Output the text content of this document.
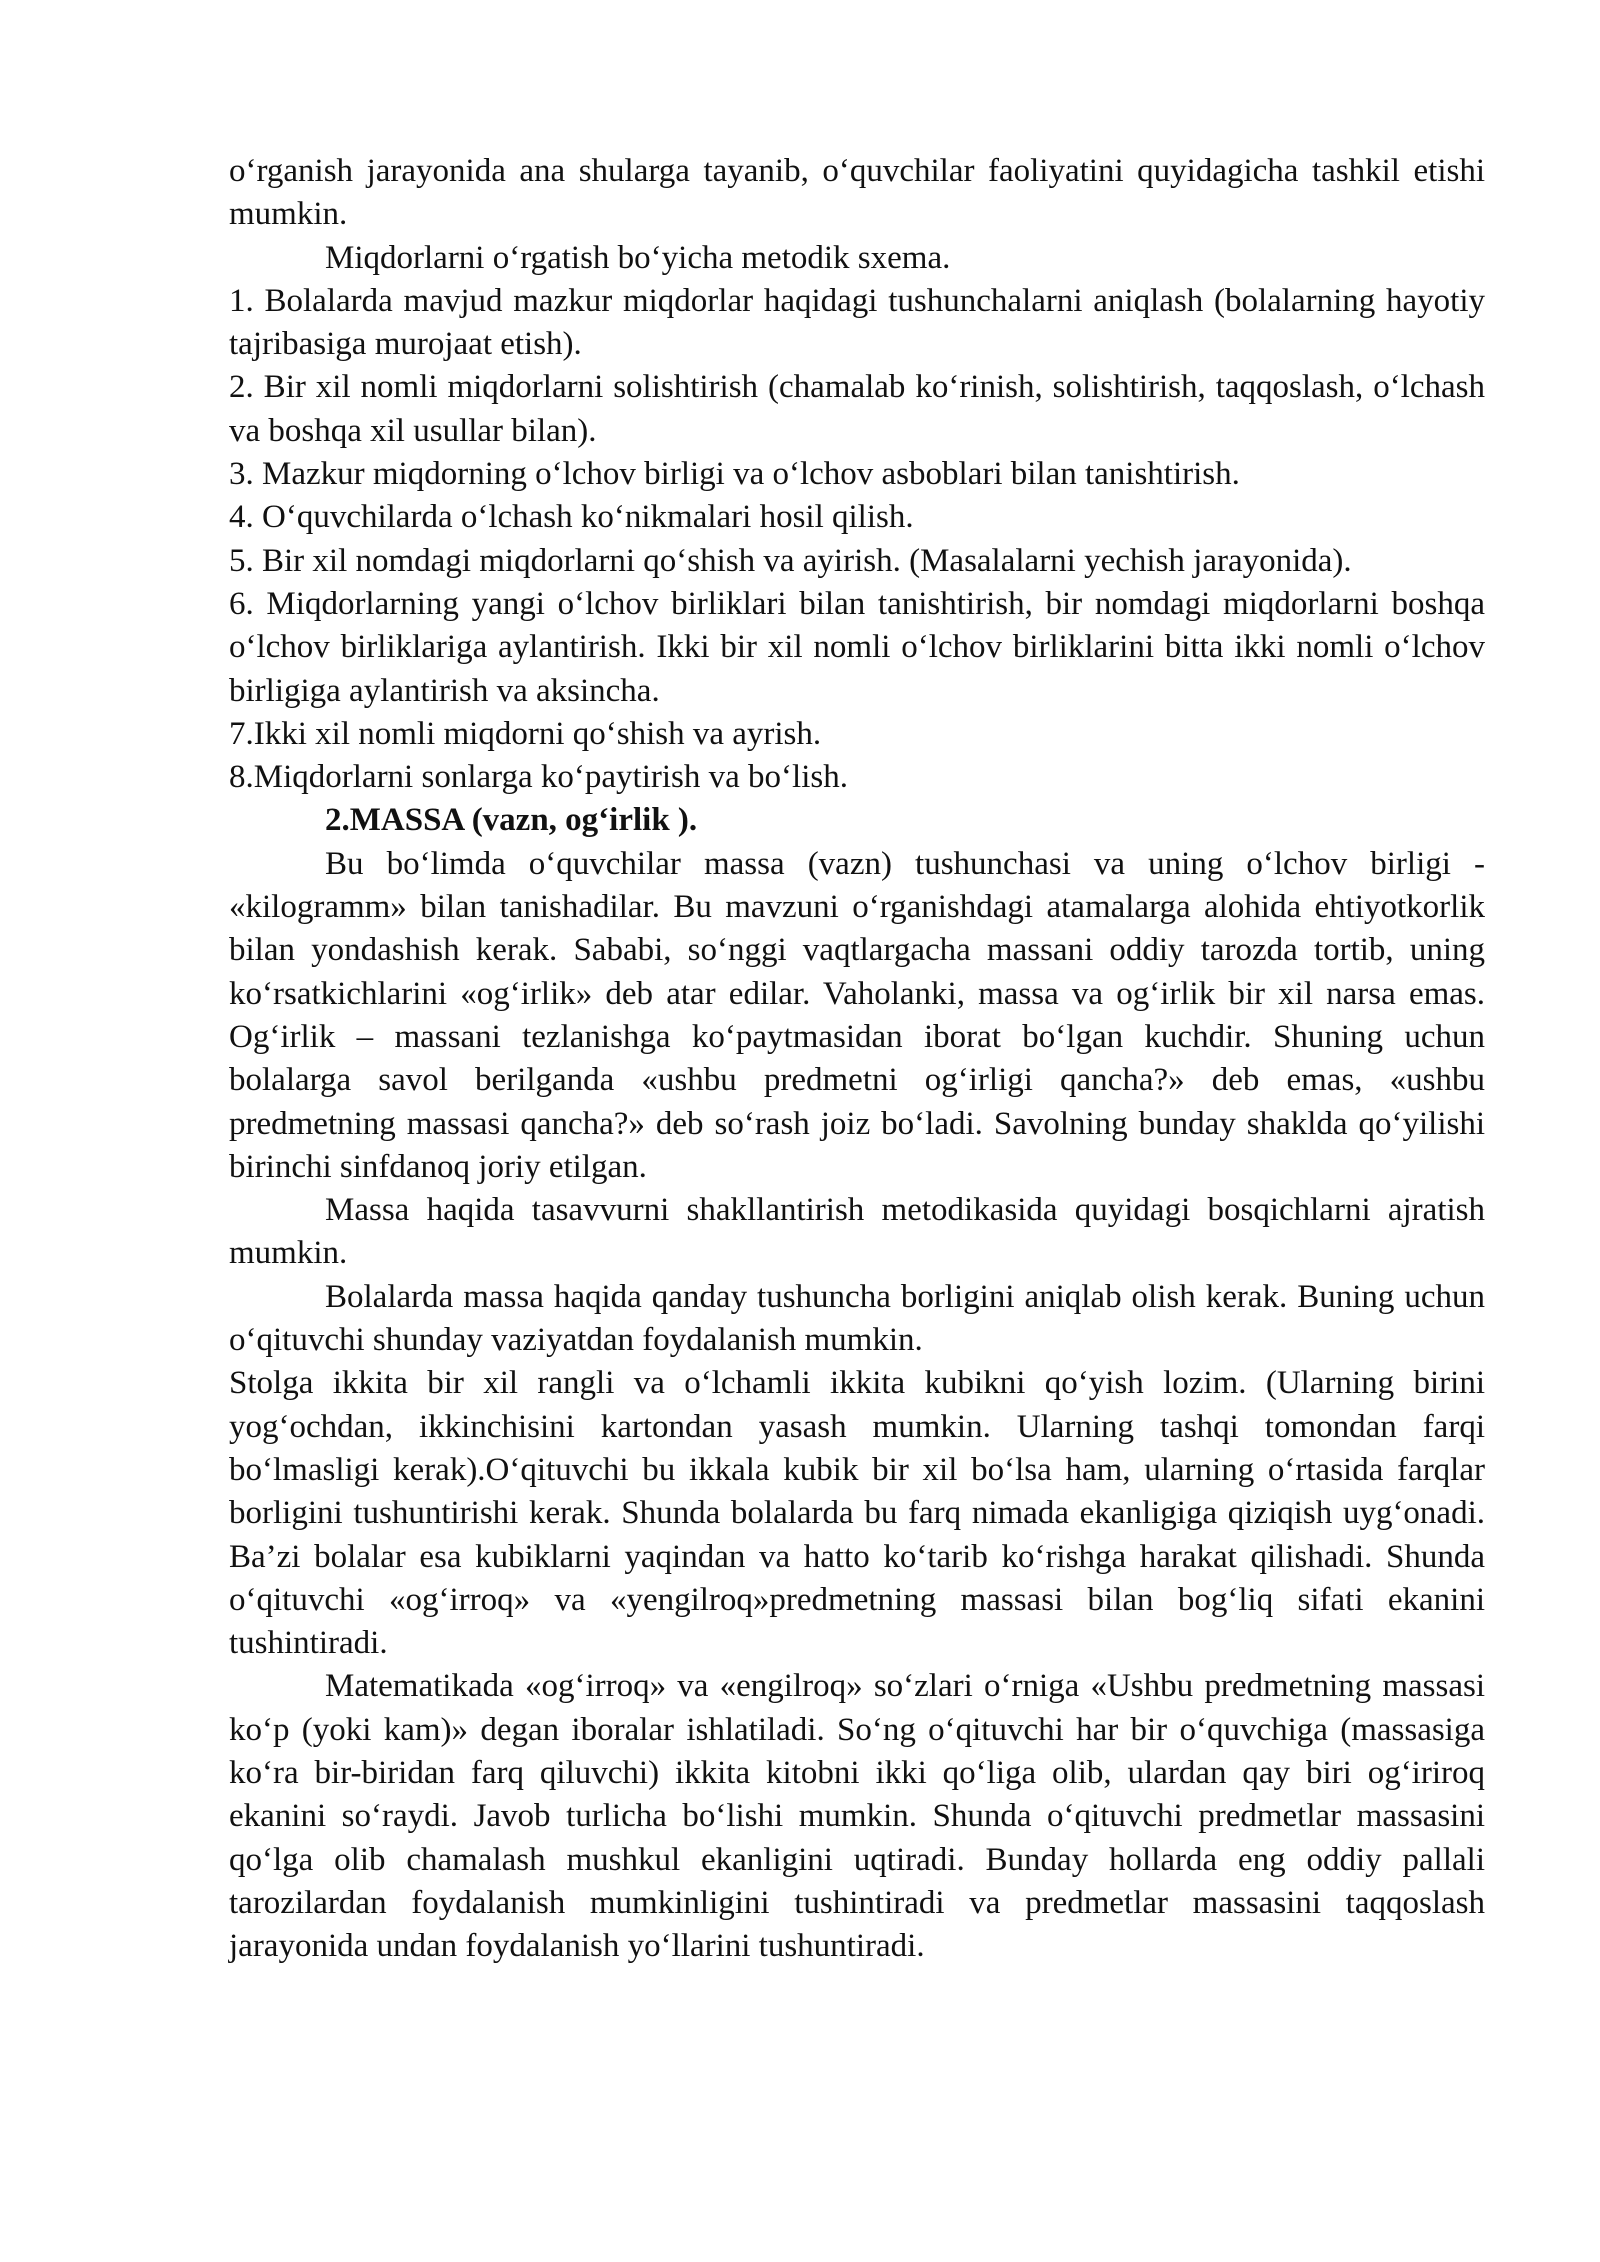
o‘rganish jarayonida ana shularga tayanib, o‘quvchilar faoliyatini quyidagicha tashkil etishi mumkin.

Miqdorlarni o‘rgatish bo‘yicha metodik sxema.

1. Bolalarda mavjud mazkur miqdorlar haqidagi tushunchalarni aniqlash (bolalarning hayotiy tajribasiga murojaat etish).

2. Bir xil nomli miqdorlarni solishtirish (chamalab ko‘rinish, solishtirish, taqqoslash, o‘lchash va boshqa xil usullar bilan).

3. Mazkur miqdorning o‘lchov birligi va o‘lchov asboblari bilan tanishtirish.

4. O‘quvchilarda o‘lchash ko‘nikmalari hosil qilish.

5. Bir xil nomdagi miqdorlarni qo‘shish va ayirish. (Masalalarni yechish jarayonida).

6. Miqdorlarning yangi o‘lchov birliklari bilan tanishtirish, bir nomdagi miqdorlarni boshqa o‘lchov birliklariga aylantirish. Ikki bir xil nomli o‘lchov birliklarini bitta ikki nomli o‘lchov birligiga aylantirish va aksincha.

7.Ikki xil nomli miqdorni qo‘shish va ayrish.

8.Miqdorlarni sonlarga ko‘paytirish va bo‘lish.

2.MASSA (vazn, og‘irlik ).

Bu bo‘limda o‘quvchilar massa (vazn) tushunchasi va uning o‘lchov birligi - «kilogramm» bilan tanishadilar. Bu mavzuni o‘rganishdagi atamalarga alohida ehtiyotkorlik bilan yondashish kerak. Sababi, so‘nggi vaqtlargacha massani oddiy tarozda tortib, uning ko‘rsatkichlarini «og‘irlik» deb atar edilar. Vaholanki, massa va og‘irlik bir xil narsa emas. Og‘irlik – massani tezlanishga ko‘paytmasidan iborat bo‘lgan kuchdir. Shuning uchun bolalarga savol berilganda «ushbu predmetni og‘irligi qancha?» deb emas, «ushbu predmetning massasi qancha?» deb so‘rash joiz bo‘ladi. Savolning bunday shaklda qo‘yilishi birinchi sinfdanoq joriy etilgan.

Massa haqida tasavvurni shakllantirish metodikasida quyidagi bosqichlarni ajratish mumkin.

Bolalarda massa haqida qanday tushuncha borligini aniqlab olish kerak. Buning uchun o‘qituvchi shunday vaziyatdan foydalanish mumkin.

Stolga ikkita bir xil rangli va o‘lchamli ikkita kubikni qo‘yish lozim. (Ularning birini yog‘ochdan, ikkinchisini kartondan yasash mumkin. Ularning tashqi tomondan farqi bo‘lmasligi kerak).O‘qituvchi bu ikkala kubik bir xil bo‘lsa ham, ularning o‘rtasida farqlar borligini tushuntirishi kerak. Shunda bolalarda bu farq nimada ekanligiga qiziqish uyg‘onadi. Ba’zi bolalar esa kubiklarni yaqindan va hatto ko‘tarib ko‘rishga harakat qilishadi. Shunda o‘qituvchi «og‘irroq» va «yengilroq»predmetning massasi bilan bog‘liq sifati ekanini tushintiradi.

Matematikada «og‘irroq» va «engilroq» so‘zlari o‘rniga «Ushbu predmetning massasi ko‘p (yoki kam)» degan iboralar ishlatiladi. So‘ng o‘qituvchi har bir o‘quvchiga (massasiga ko‘ra bir-biridan farq qiluvchi) ikkita kitobni ikki qo‘liga olib, ulardan qay biri og‘iriroq ekanini so‘raydi. Javob turlicha bo‘lishi mumkin. Shunda o‘qituvchi predmetlar massasini qo‘lga olib chamalash mushkul ekanligini uqtiradi. Bunday hollarda eng oddiy pallali tarozilardan foydalanish mumkinligini tushintiradi va predmetlar massasini taqqoslash jarayonida undan foydalanish yo‘llarini tushuntiradi.
